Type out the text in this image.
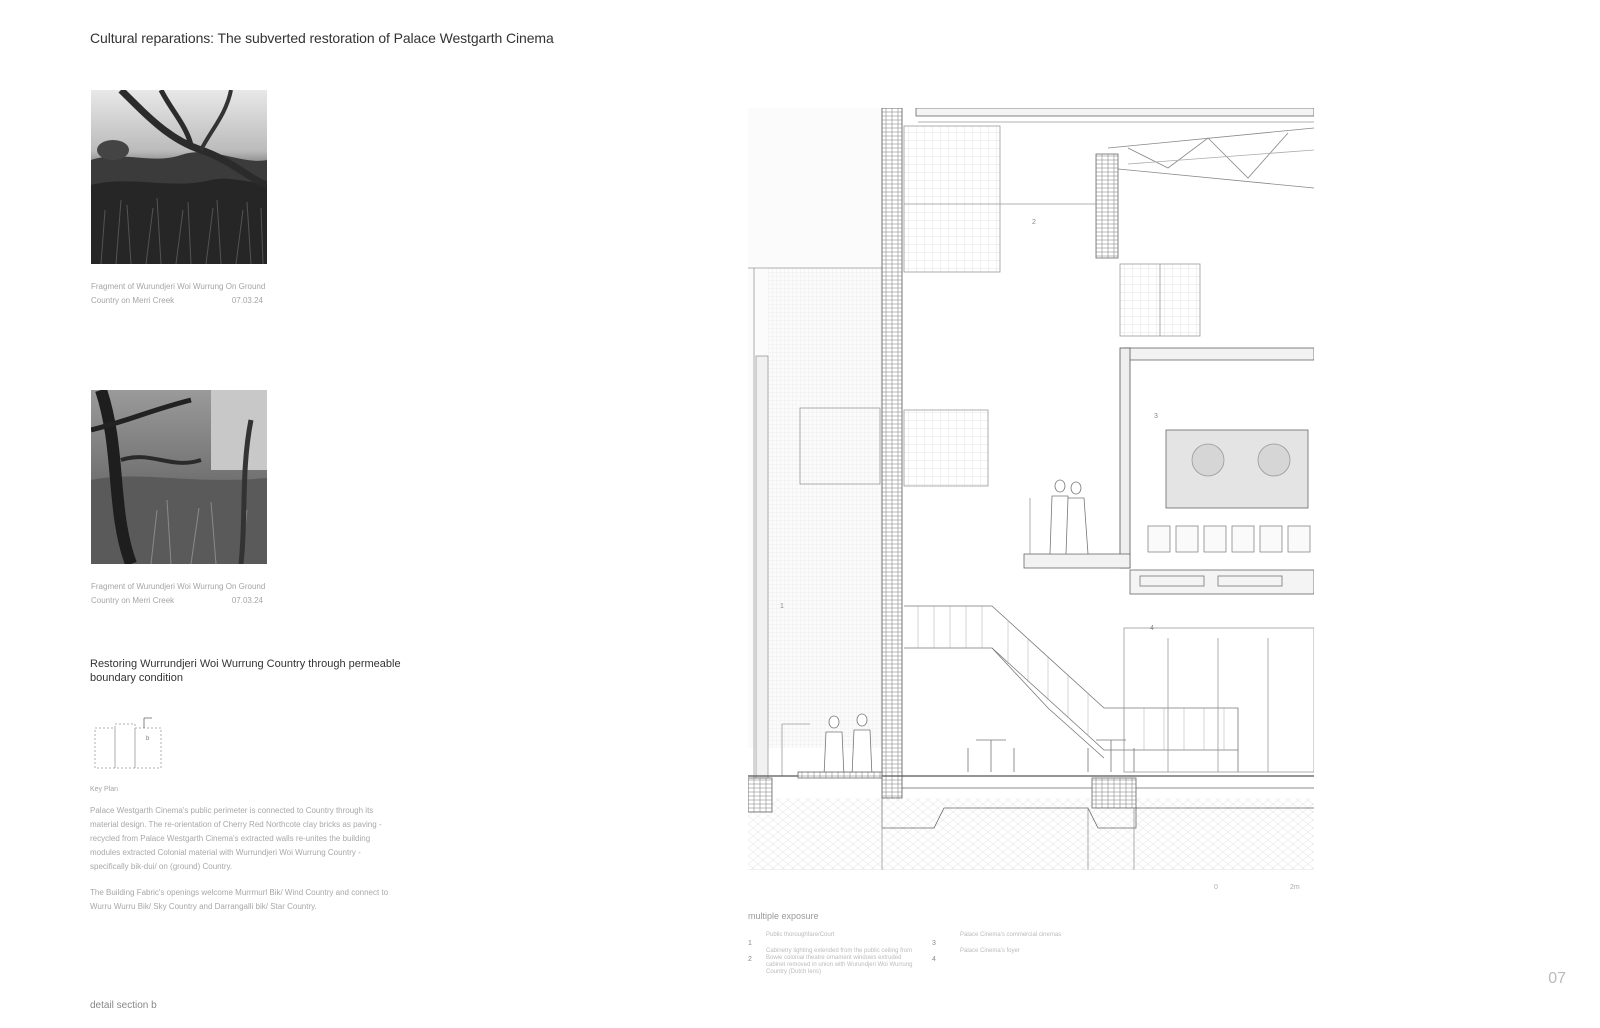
Cultural reparations: The subverted restoration of Palace Westgarth Cinema
Fragment of Wurundjeri Woi Wurrung On Ground
Country on Merri Creek	07.03.24
Fragment of Wurundjeri Woi Wurrung On Ground
Country on Merri Creek	07.03.24
Restoring Wurrundjeri Woi Wurrung Country through permeable boundary condition
b
Key Plan
Palace Westgarth Cinema's public perimeter is connected to Country through its material design. The re-orientation of Cherry Red Northcote clay bricks as paving - recycled from Palace Westgarth Cinema's extracted walls re-unites the building modules extracted Colonial material with Wurrundjeri Woi Wurrung Country - specifically bik-dui/ on (ground) Country.
The Building Fabric's openings welcome Murrmurl Bik/ Wind Country and connect to Wurru Wurru Bik/ Sky Country and Darrangalli bik/ Star Country.
1
2
3
4
0	2m
multiple exposure
1
Public thoroughfare/Court
2
Cabinetry lighting extended from the public ceiling from Bowie colonial theatre ornament windows extruded cabinet removed in union with Wurundjeri Woi Wurrung Country (Dutch lens)
3
Palace Cinema's commercial cinemas
4
Palace Cinema's foyer
detail section b
07
